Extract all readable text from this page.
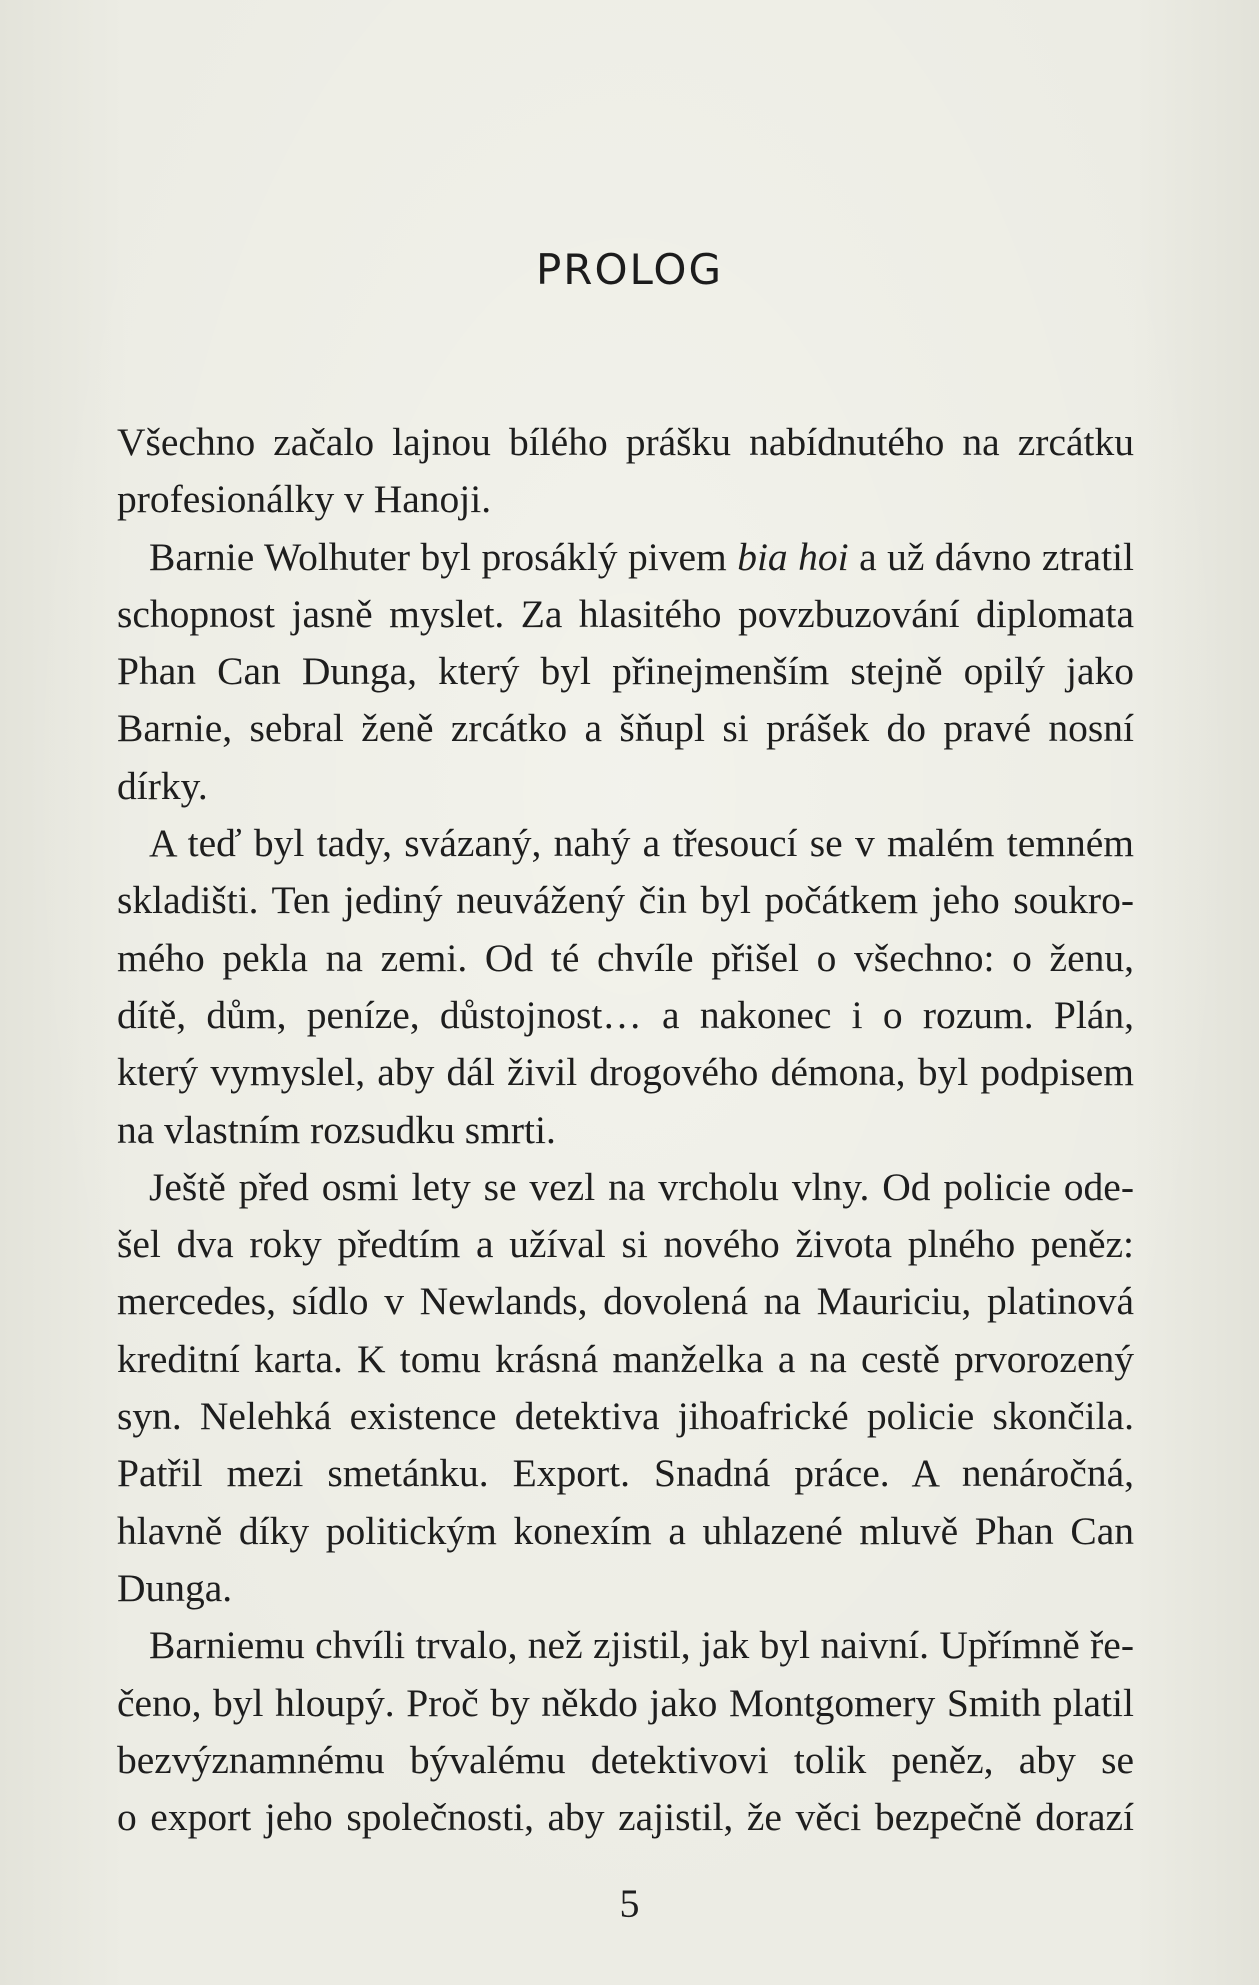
PROLOG
Všechno začalo lajnou bílého prášku nabídnutého na zrcátku
profesionálky v Hanoji.
Barnie Wolhuter byl prosáklý pivem bia hoi a už dávno ztratil
schopnost jasně myslet. Za hlasitého povzbuzování diplomata
Phan Can Dunga, který byl přinejmenším stejně opilý jako
Barnie, sebral ženě zrcátko a šňupl si prášek do pravé nosní
dírky.
A teď byl tady, svázaný, nahý a třesoucí se v malém temném
skladišti. Ten jediný neuvážený čin byl počátkem jeho soukro-
mého pekla na zemi. Od té chvíle přišel o všechno: o ženu,
dítě, dům, peníze, důstojnost… a nakonec i o rozum. Plán,
který vymyslel, aby dál živil drogového démona, byl podpisem
na vlastním rozsudku smrti.
Ještě před osmi lety se vezl na vrcholu vlny. Od policie ode-
šel dva roky předtím a užíval si nového života plného peněz:
mercedes, sídlo v Newlands, dovolená na Mauriciu, platinová
kreditní karta. K tomu krásná manželka a na cestě prvorozený
syn. Nelehká existence detektiva jihoafrické policie skončila.
Patřil mezi smetánku. Export. Snadná práce. A nenáročná,
hlavně díky politickým konexím a uhlazené mluvě Phan Can
Dunga.
Barniemu chvíli trvalo, než zjistil, jak byl naivní. Upřímně ře-
čeno, byl hloupý. Proč by někdo jako Montgomery Smith platil
bezvýznamnému bývalému detektivovi tolik peněz, aby se
o export jeho společnosti, aby zajistil, že věci bezpečně dorazí
5
